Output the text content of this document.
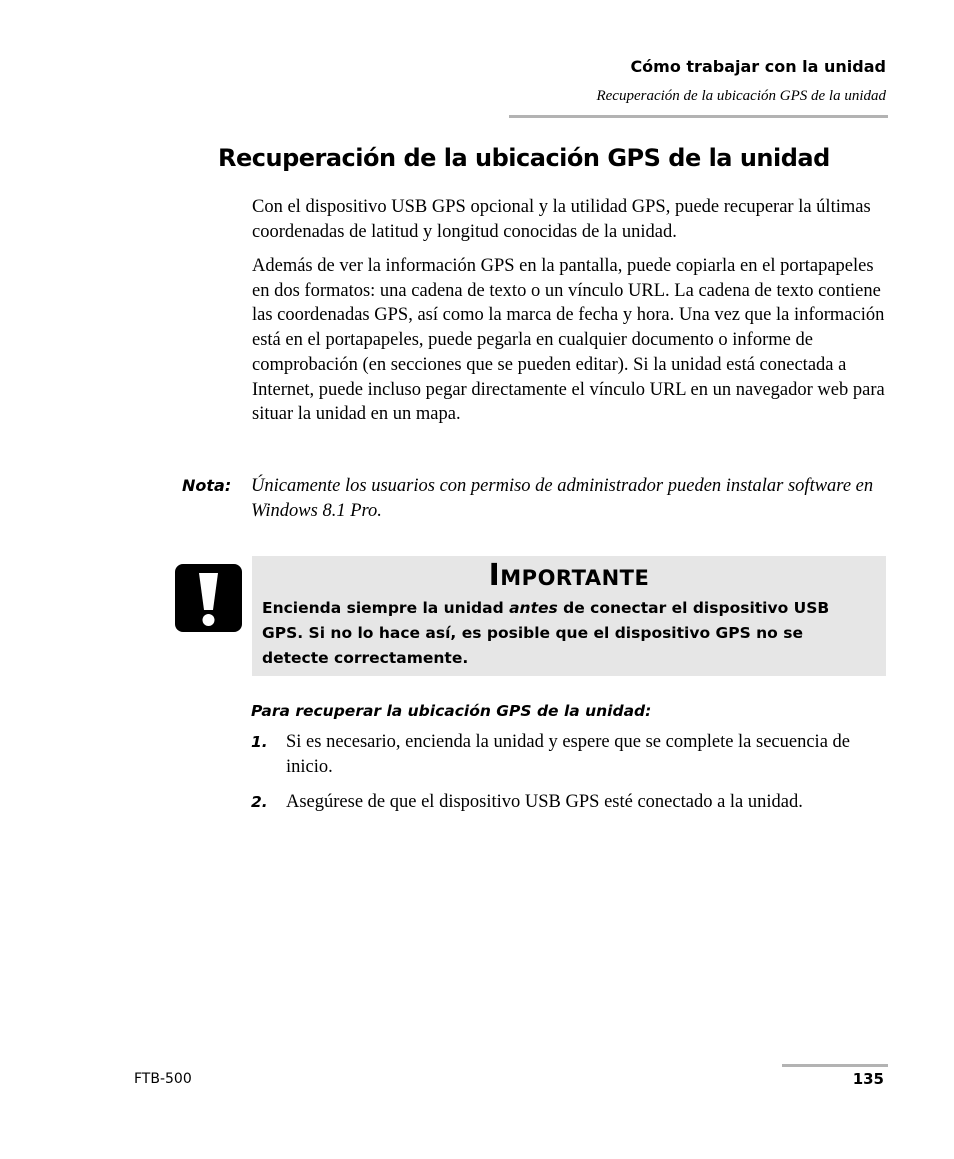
Cómo trabajar con la unidad
Recuperación de la ubicación GPS de la unidad
Recuperación de la ubicación GPS de la unidad

Con el dispositivo USB GPS opcional y la utilidad GPS, puede recuperar la últimas coordenadas de latitud y longitud conocidas de la unidad.

Además de ver la información GPS en la pantalla, puede copiarla en el portapapeles en dos formatos: una cadena de texto o un vínculo URL. La cadena de texto contiene las coordenadas GPS, así como la marca de fecha y hora. Una vez que la información está en el portapapeles, puede pegarla en cualquier documento o informe de comprobación (en secciones que se pueden editar). Si la unidad está conectada a Internet, puede incluso pegar directamente el vínculo URL en un navegador web para situar la unidad en un mapa.

Nota: Únicamente los usuarios con permiso de administrador pueden instalar software en Windows 8.1 Pro.

Importante

Encienda siempre la unidad antes de conectar el dispositivo USB GPS. Si no lo hace así, es posible que el dispositivo GPS no se detecte correctamente.

Para recuperar la ubicación GPS de la unidad:
1. Si es necesario, encienda la unidad y espere que se complete la secuencia de inicio.

2. Asegúrese de que el dispositivo USB GPS esté conectado a la unidad.

FTB-500	135
